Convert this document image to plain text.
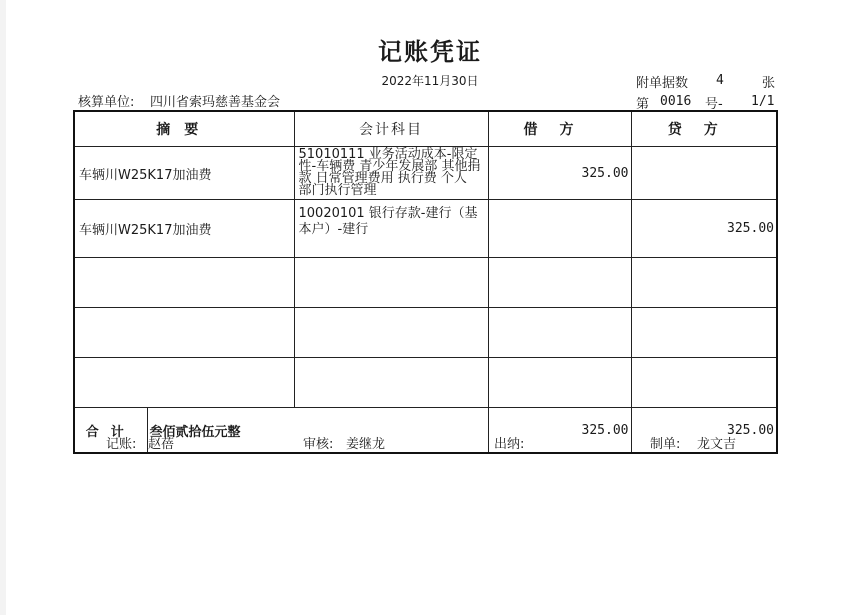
记账凭证
2022年11月30日	附单据数 4	张
核算单位: 四川省索玛慈善基金会	第 0016 号- 1/1
摘要		会计科目	借方	贷方
车辆川W25K17加油费		51010111 业务活动成本-限定性-车辆费 青少年发展部 其他捐款 日常管理费用 执行费 个人 部门执行管理	325.00	
车辆川W25K17加油费		10020101 银行存款-建行（基本户）-建行		325.00

合计	叁佰贰拾伍元整		325.00	325.00
记账: 赵蓓	审核: 姜继龙	出纳:	制单: 龙文吉
